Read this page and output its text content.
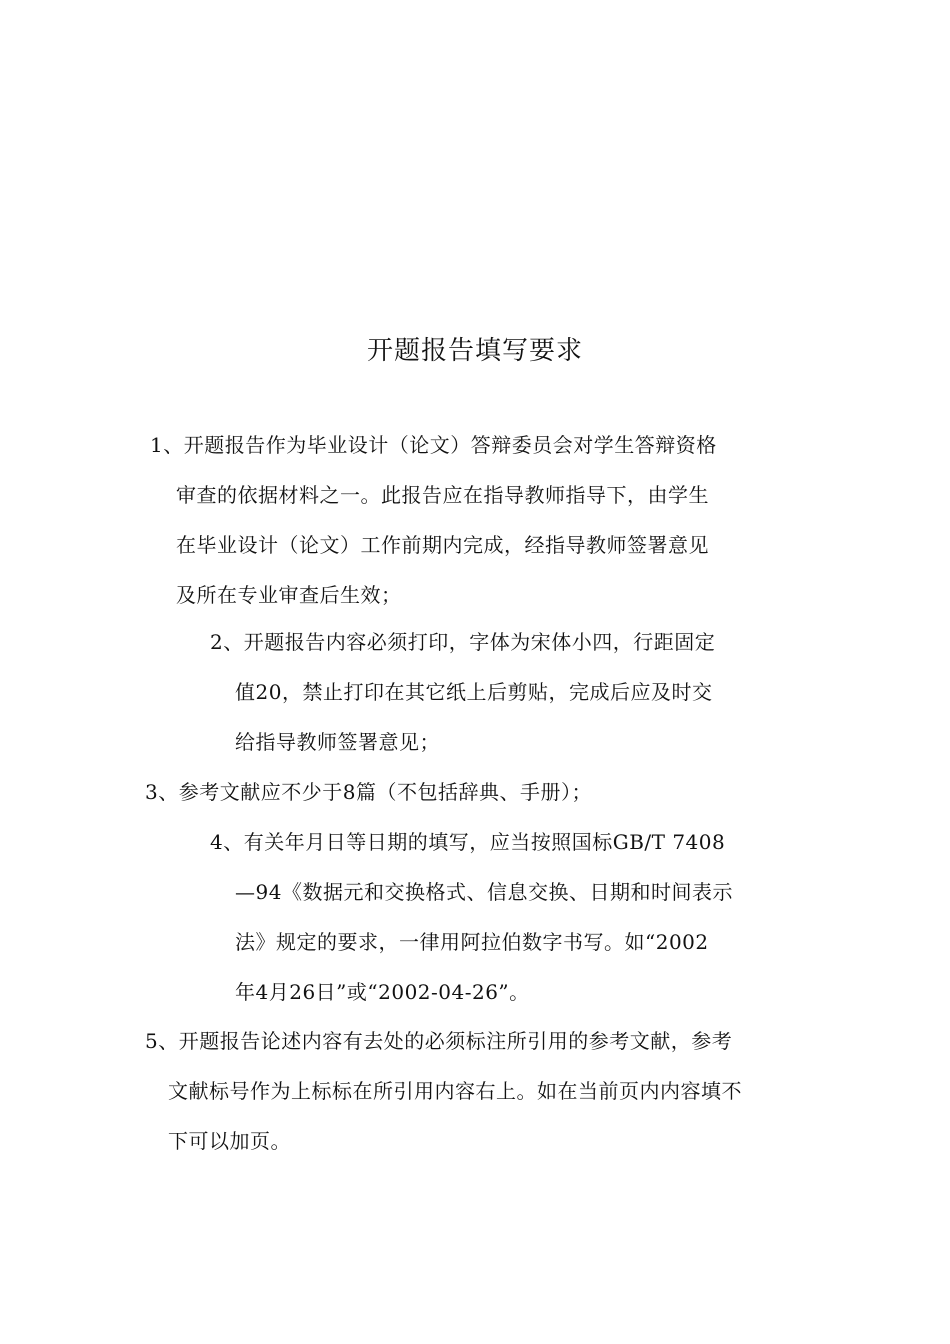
开题报告填写要求
1、开题报告作为毕业设计（论文）答辩委员会对学生答辩资格
审查的依据材料之一。此报告应在指导教师指导下，由学生
在毕业设计（论文）工作前期内完成，经指导教师签署意见
及所在专业审查后生效；
2、开题报告内容必须打印，字体为宋体小四，行距固定
值20，禁止打印在其它纸上后剪贴，完成后应及时交
给指导教师签署意见；
3、参考文献应不少于8篇（不包括辞典、手册）；
4、有关年月日等日期的填写，应当按照国标GB/T 7408
—94《数据元和交换格式、信息交换、日期和时间表示
法》规定的要求，一律用阿拉伯数字书写。如“2002
年4月26日”或“2002-04-26”。
5、开题报告论述内容有去处的必须标注所引用的参考文献，参考
文献标号作为上标标在所引用内容右上。如在当前页内内容填不
下可以加页。
